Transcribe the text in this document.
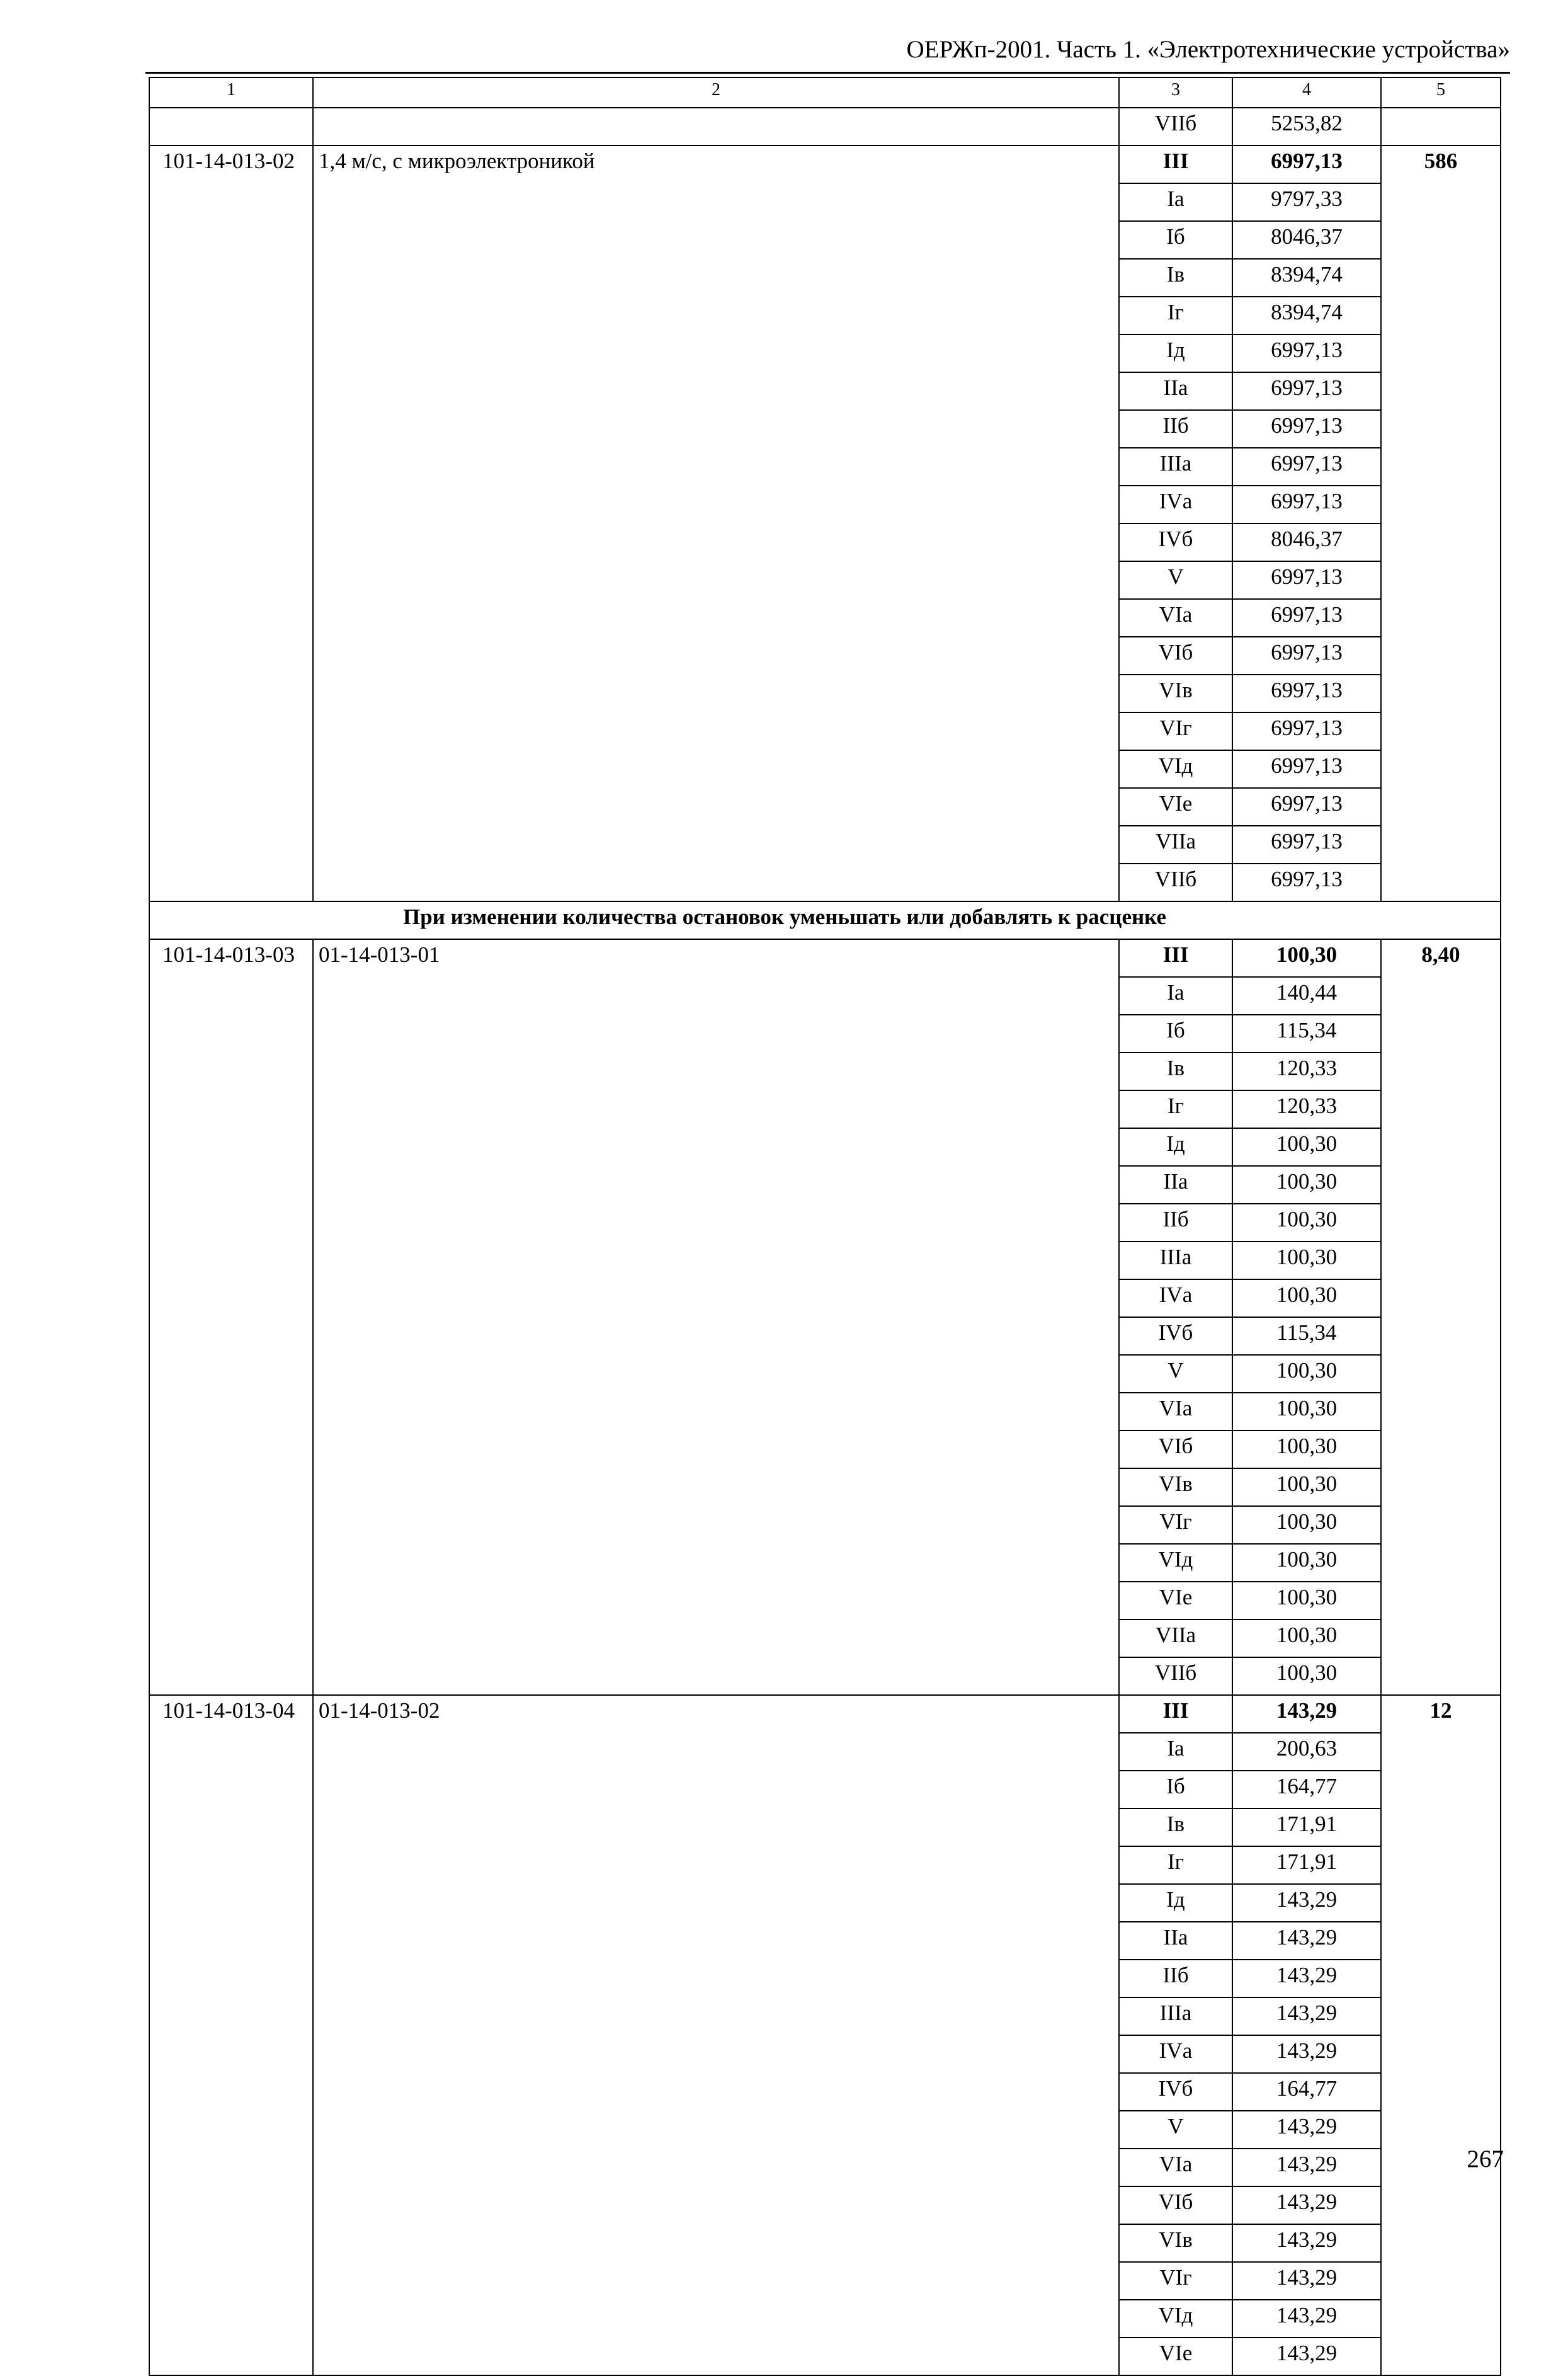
ОЕРЖп-2001. Часть 1. «Электротехнические устройства»
1	2	3	4	5
		VIIб	5253,82	
101-14-013-02	1,4 м/с, с микроэлектроникой	III	6997,13	586
		Iа	9797,33	
		Iб	8046,37	
		Iв	8394,74	
		Iг	8394,74	
		Iд	6997,13	
		IIа	6997,13	
		IIб	6997,13	
		IIIа	6997,13	
		IVа	6997,13	
		IVб	8046,37	
		V	6997,13	
		VIа	6997,13	
		VIб	6997,13	
		VIв	6997,13	
		VIг	6997,13	
		VIд	6997,13	
		VIе	6997,13	
		VIIа	6997,13	
		VIIб	6997,13	
При изменении количества остановок уменьшать или добавлять к расценке				
101-14-013-03	01-14-013-01	III	100,30	8,40
		Iа	140,44	
		Iб	115,34	
		Iв	120,33	
		Iг	120,33	
		Iд	100,30	
		IIа	100,30	
		IIб	100,30	
		IIIа	100,30	
		IVа	100,30	
		IVб	115,34	
		V	100,30	
		VIа	100,30	
		VIб	100,30	
		VIв	100,30	
		VIг	100,30	
		VIд	100,30	
		VIе	100,30	
		VIIа	100,30	
		VIIб	100,30	
101-14-013-04	01-14-013-02	III	143,29	12
		Iа	200,63	
		Iб	164,77	
		Iв	171,91	
		Iг	171,91	
		Iд	143,29	
		IIа	143,29	
		IIб	143,29	
		IIIа	143,29	
		IVа	143,29	
		IVб	164,77	
		V	143,29	
		VIа	143,29	
		VIб	143,29	
		VIв	143,29	
		VIг	143,29	
		VIд	143,29	
		VIе	143,29	
267
